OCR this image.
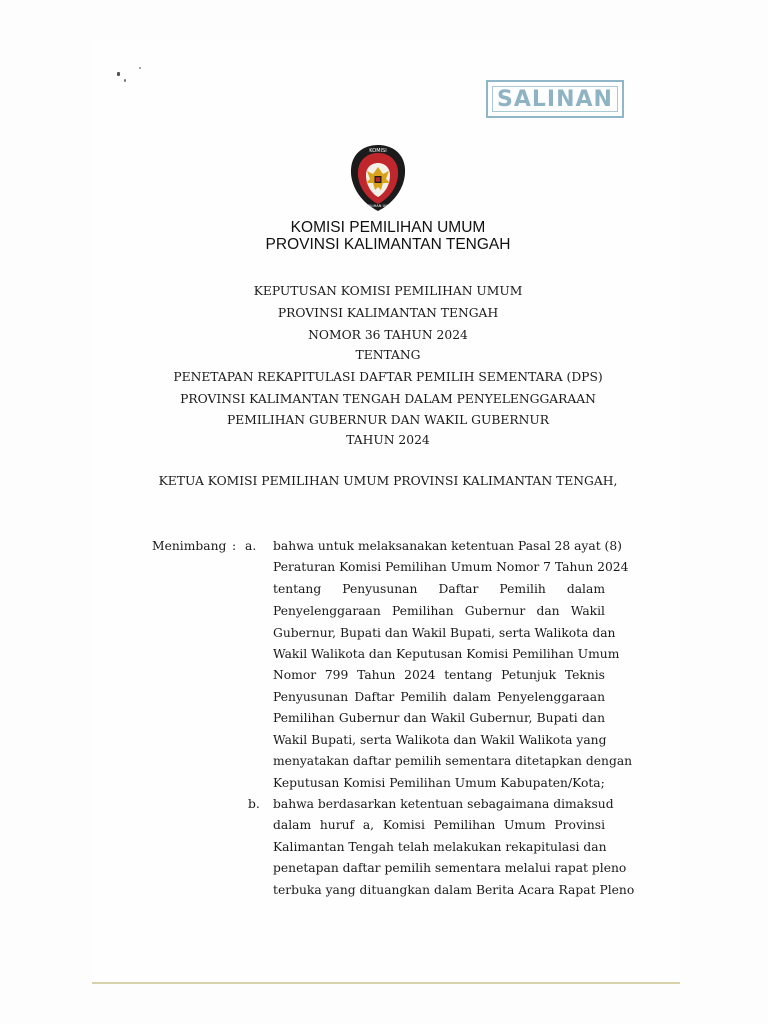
SALINAN
KOMISI
PEMILIHAN UMUM
KOMISI PEMILIHAN UMUM
PROVINSI KALIMANTAN TENGAH
KEPUTUSAN KOMISI PEMILIHAN UMUM
PROVINSI KALIMANTAN TENGAH
NOMOR 36 TAHUN 2024
TENTANG
PENETAPAN REKAPITULASI DAFTAR PEMILIH SEMENTARA (DPS)
PROVINSI KALIMANTAN TENGAH DALAM PENYELENGGARAAN
PEMILIHAN GUBERNUR DAN WAKIL GUBERNUR
TAHUN 2024
KETUA KOMISI PEMILIHAN UMUM PROVINSI KALIMANTAN TENGAH,
Menimbang : a. bahwa untuk melaksanakan ketentuan Pasal 28 ayat (8)
Peraturan Komisi Pemilihan Umum Nomor 7 Tahun 2024
tentang Penyusunan Daftar Pemilih dalam
Penyelenggaraan Pemilihan Gubernur dan Wakil
Gubernur, Bupati dan Wakil Bupati, serta Walikota dan
Wakil Walikota dan Keputusan Komisi Pemilihan Umum
Nomor 799 Tahun 2024 tentang Petunjuk Teknis
Penyusunan Daftar Pemilih dalam Penyelenggaraan
Pemilihan Gubernur dan Wakil Gubernur, Bupati dan
Wakil Bupati, serta Walikota dan Wakil Walikota yang
menyatakan daftar pemilih sementara ditetapkan dengan
Keputusan Komisi Pemilihan Umum Kabupaten/Kota;
b. bahwa berdasarkan ketentuan sebagaimana dimaksud
dalam huruf a, Komisi Pemilihan Umum Provinsi
Kalimantan Tengah telah melakukan rekapitulasi dan
penetapan daftar pemilih sementara melalui rapat pleno
terbuka yang dituangkan dalam Berita Acara Rapat Pleno
